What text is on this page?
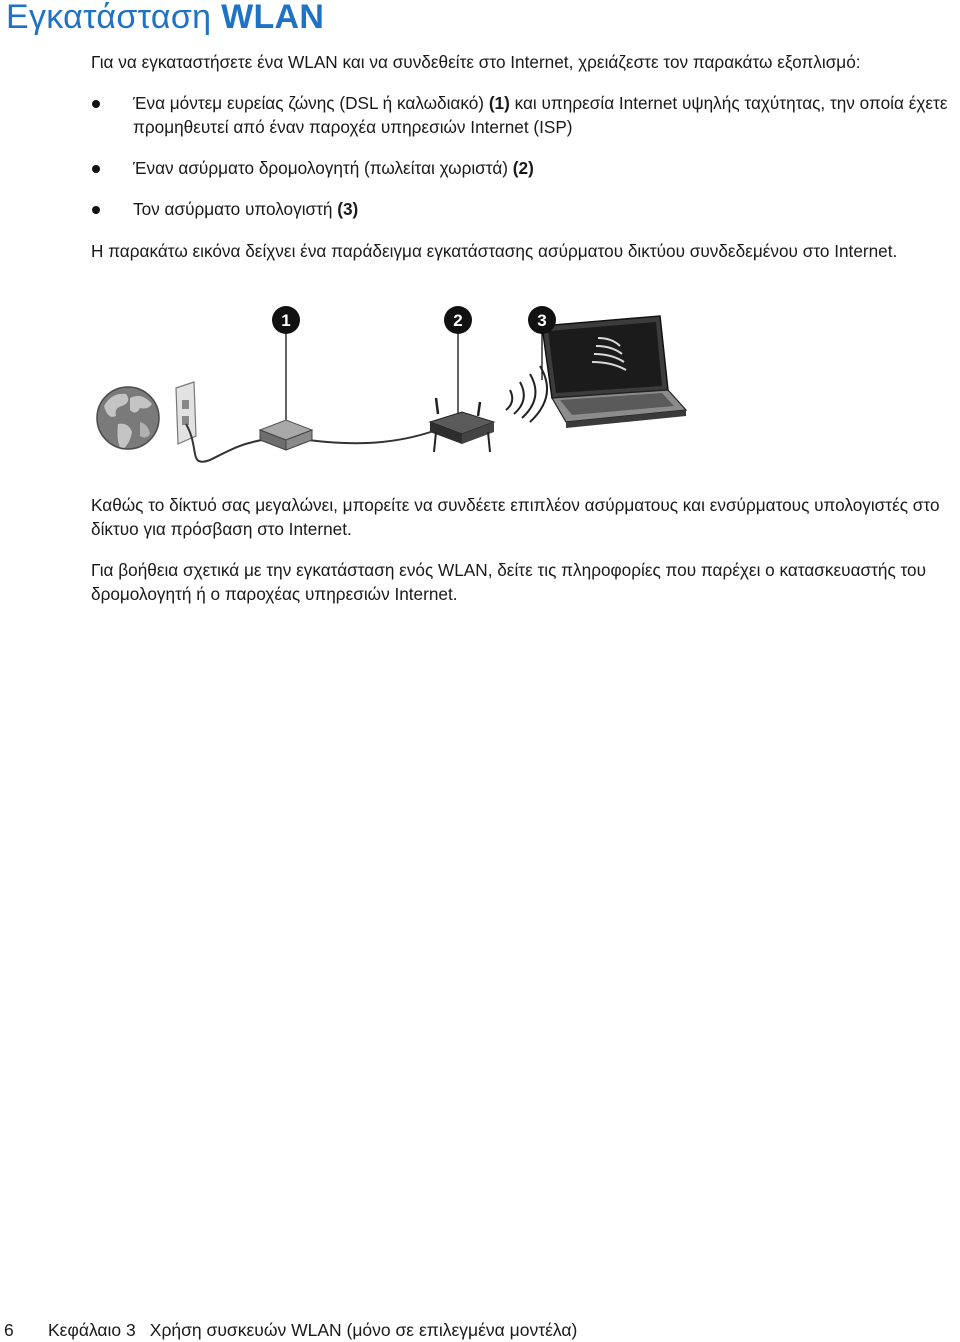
Εγκατάσταση WLAN

Για να εγκαταστήσετε ένα WLAN και να συνδεθείτε στο Internet, χρειάζεστε τον παρακάτω εξοπλισμό:

Ένα μόντεμ ευρείας ζώνης (DSL ή καλωδιακό) (1) και υπηρεσία Internet υψηλής ταχύτητας, την οποία έχετε προμηθευτεί από έναν παροχέα υπηρεσιών Internet (ISP)
Έναν ασύρματο δρομολογητή (πωλείται χωριστά) (2)
Τον ασύρματο υπολογιστή (3)

Η παρακάτω εικόνα δείχνει ένα παράδειγμα εγκατάστασης ασύρματου δικτύου συνδεδεμένου στο Internet.

1	2	3

Καθώς το δίκτυό σας μεγαλώνει, μπορείτε να συνδέετε επιπλέον ασύρματους και ενσύρματους υπολογιστές στο δίκτυο για πρόσβαση στο Internet.

Για βοήθεια σχετικά με την εγκατάσταση ενός WLAN, δείτε τις πληροφορίες που παρέχει ο κατασκευαστής του δρομολογητή ή ο παροχέας υπηρεσιών Internet.

6 Κεφάλαιο 3 Χρήση συσκευών WLAN (μόνο σε επιλεγμένα μοντέλα)
